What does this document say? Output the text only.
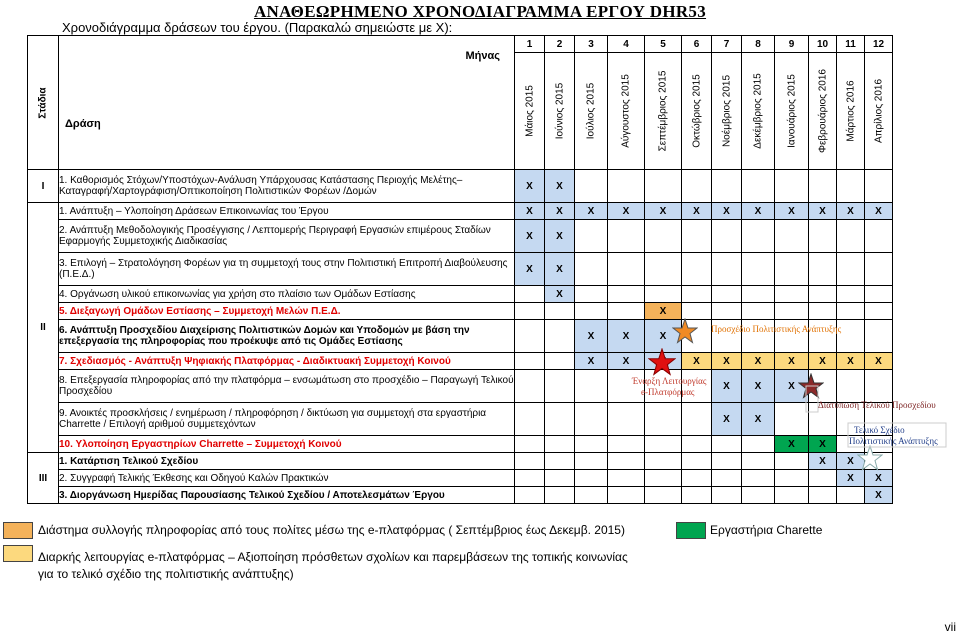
ΑΝΑΘΕΩΡΗΜΕΝΟ ΧΡΟΝΟΔΙΑΓΡΑΜΜΑ ΕΡΓΟΥ DHR53
Χρονοδιάγραμμα δράσεων του έργου. (Παρακαλώ σημειώστε με X):
Στάδια	Μήνας
Δράση	1	2	3	4	5	6	7	8	9	10	11	12

		Μάιος 2015	Ιούνιος 2015	Ιούλιος 2015	Αύγουστος 2015	Σεπτέμβριος 2015	Οκτώβριος 2015	Νοέμβριος 2015	Δεκέμβριος 2015	Ιανουάριος 2015	Φεβρουάριος 2016	Μάρτιος 2016	Απρίλιος 2016

I	1. Καθορισμός Στόχων/Υποστόχων-Ανάλυση Υπάρχουσας Κατάστασης Περιοχής Μελέτης–Καταγραφή/Χαρτογράφιση/Οπτικοποίηση Πολιτιστικών Φορέων /Δομών	X	X										
II	1. Ανάπτυξη – Υλοποίηση Δράσεων Επικοινωνίας του Έργου	X	X	X	X	X	X	X	X	X	X	X	X
	2. Ανάπτυξη Μεθοδολογικής Προσέγγισης / Λεπτομερής Περιγραφή Εργασιών επιμέρους Σταδίων Εφαρμογής Συμμετοχικής Διαδικασίας	X	X										
	3. Επιλογή – Στρατολόγηση Φορέων για τη συμμετοχή τους στην Πολιτιστική Επιτροπή Διαβούλευσης (Π.Ε.Δ.)	X	X										
	4. Οργάνωση υλικού επικοινωνίας για χρήση στο πλαίσιο των Ομάδων Εστίασης		X										
	5. Διεξαγωγή Ομάδων Εστίασης – Συμμετοχή Μελών Π.Ε.Δ.					X							
	6. Ανάπτυξη Προσχεδίου Διαχείρισης Πολιτιστικών Δομών και Υποδομών με βάση την επεξεργασία της πληροφορίας που προέκυψε από τις Ομάδες Εστίασης			X	X	X							
	7. Σχεδιασμός - Ανάπτυξη Ψηφιακής Πλατφόρμας - Διαδικτυακή Συμμετοχή Κοινού			X	X		X	X	X	X	X	X	X
	8. Επεξεργασία πληροφορίας από την πλατφόρμα – ενσωμάτωση στο προσχέδιο – Παραγωγή Τελικού Προσχεδίου							X	X	X			
	9. Ανοικτές προσκλήσεις / ενημέρωση / πληροφόρηση / δικτύωση για συμμετοχή στα εργαστήρια Charrette / Επιλογή αριθμού συμμετεχόντων							X	X				
	10. Υλοποίηση Εργαστηρίων Charrette – Συμμετοχή Κοινού									X	X		
III	1. Κατάρτιση Τελικού Σχεδίου										X	X	
	2. Συγγραφή Τελικής Έκθεσης και Οδηγού Καλών Πρακτικών											X	X
	3. Διοργάνωση Ημερίδας Παρουσίασης Τελικού Σχεδίου / Αποτελεσμάτων Έργου												X
Προσχέδιο Πολιτιστικής Ανάπτυξης
Έναρξη Λειτουργίας
e-Πλατφόρμας
Διατύπωση Τελικού Προσχεδίου
Τελικό Σχέδιο
Πολιτιστικής Ανάπτυξης
Διάστημα συλλογής πληροφορίας από τους πολίτες μέσω της e-πλατφόρμας ( Σεπτέμβριος έως Δεκεμβ. 2015)	Εργαστήρια Charette
Διαρκής λειτουργίας e-πλατφόρμας – Αξιοποίηση πρόσθετων σχολίων και παρεμβάσεων της τοπικής κοινωνίας
για το τελικό σχέδιο της πολιτιστικής ανάπτυξης)
vii
